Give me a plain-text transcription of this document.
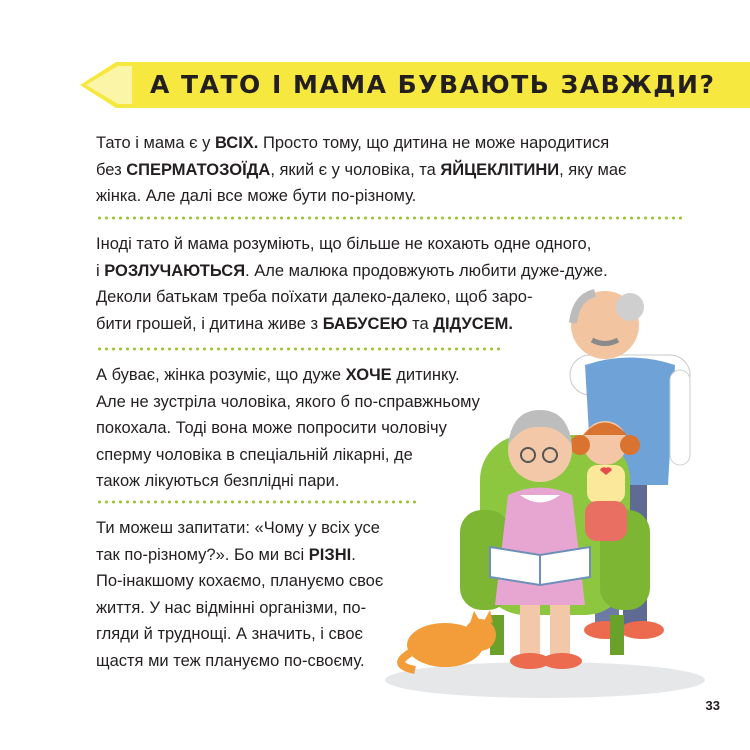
А ТАТО І МАМА БУВАЮТЬ ЗАВЖДИ?
Тато і мама є у ВСІХ. Просто тому, що дитина не може народитися
без СПЕРМАТОЗОЇДА, який є у чоловіка, та ЯЙЦЕКЛІТИНИ, яку має
жінка. Але далі все може бути по-різному.
Іноді тато й мама розуміють, що більше не кохають одне одного,
і РОЗЛУЧАЮТЬСЯ. Але малюка продовжують любити дуже-дуже.
Деколи батькам треба поїхати далеко-далеко, щоб заро-
бити грошей, і дитина живе з БАБУСЕЮ та ДІДУСЕМ.
А буває, жінка розуміє, що дуже ХОЧЕ дитинку.
Але не зустріла чоловіка, якого б по-справжньому
покохала. Тоді вона може попросити чоловічу
сперму чоловіка в спеціальній лікарні, де
також лікуються безплідні пари.
Ти можеш запитати: «Чому у всіх усе
так по-різному?». Бо ми всі РІЗНІ.
По-інакшому кохаємо, плануємо своє
життя. У нас відмінні організми, по-
гляди й труднощі. А значить, і своє
щастя ми теж плануємо по-своєму.
33
